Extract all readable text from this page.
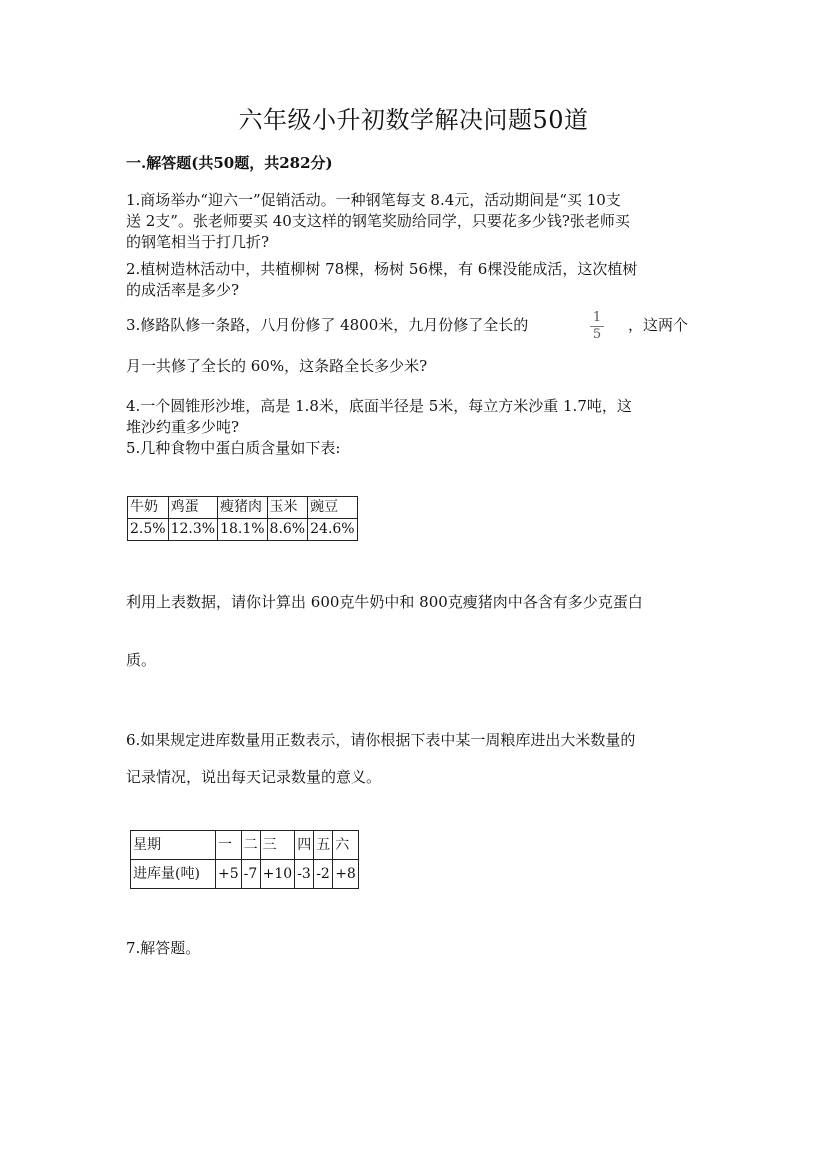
六年级小升初数学解决问题50道
一.解答题(共50题，共282分)
1.商场举办“迎六一”促销活动。一种钢笔每支 8.4元，活动期间是“买 10支
送 2支”。张老师要买 40支这样的钢笔奖励给同学，只要花多少钱?张老师买
的钢笔相当于打几折?
2.植树造林活动中，共植柳树 78棵，杨树 56棵，有 6棵没能成活，这次植树
的成活率是多少?
3.修路队修一条路，八月份修了 4800米，九月份修了全长的	1
5
，这两个
月一共修了全长的 60%，这条路全长多少米?
4.一个圆锥形沙堆，高是 1.8米，底面半径是 5米，每立方米沙重 1.7吨，这
堆沙约重多少吨?
5.几种食物中蛋白质含量如下表:
牛奶	鸡蛋	瘦猪肉	玉米	豌豆
2.5%	12.3%	18.1%	8.6%	24.6%
利用上表数据，请你计算出 600克牛奶中和 800克瘦猪肉中各含有多少克蛋白
质。
6.如果规定进库数量用正数表示，请你根据下表中某一周粮库进出大米数量的
记录情况，说出每天记录数量的意义。
星期	一	二	三	四	五	六
进库量(吨)	+5	-7	+10	-3	-2	+8
7.解答题。
